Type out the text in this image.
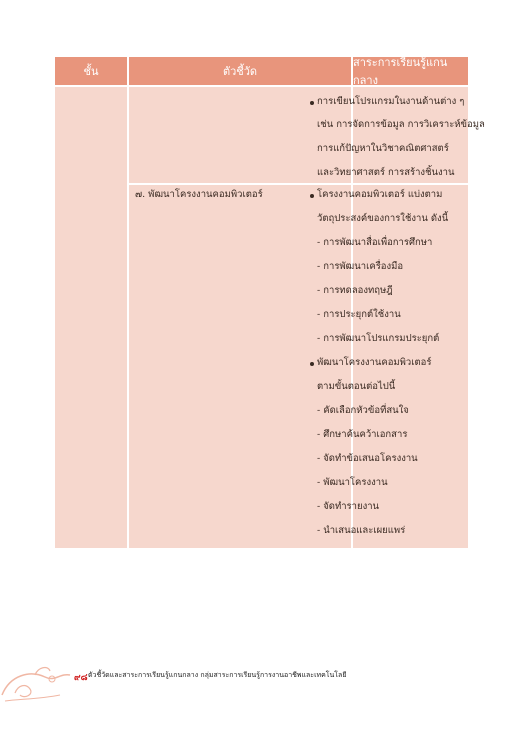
ชั้น	ตัวชี้วัด
สาระการเรียนรู้แกนกลาง
การเขียนโปรแกรมในงานด้านต่าง ๆ
เช่น การจัดการข้อมูล การวิเคราะห์ข้อมูล
การแก้ปัญหาในวิชาคณิตศาสตร์
และวิทยาศาสตร์ การสร้างชิ้นงาน
๗. พัฒนาโครงงานคอมพิวเตอร์	โครงงานคอมพิวเตอร์ แบ่งตาม
วัตถุประสงค์ของการใช้งาน ดังนี้
- การพัฒนาสื่อเพื่อการศึกษา
- การพัฒนาเครื่องมือ
- การทดลองทฤษฎี
- การประยุกต์ใช้งาน
- การพัฒนาโปรแกรมประยุกต์
พัฒนาโครงงานคอมพิวเตอร์
ตามขั้นตอนต่อไปนี้
- คัดเลือกหัวข้อที่สนใจ
- ศึกษาค้นคว้าเอกสาร
- จัดทำข้อเสนอโครงงาน
- พัฒนาโครงงาน
- จัดทำรายงาน
- นำเสนอและเผยแพร่
๙๘ ตัวชี้วัดและสาระการเรียนรู้แกนกลาง กลุ่มสาระการเรียนรู้การงานอาชีพและเทคโนโลยี
